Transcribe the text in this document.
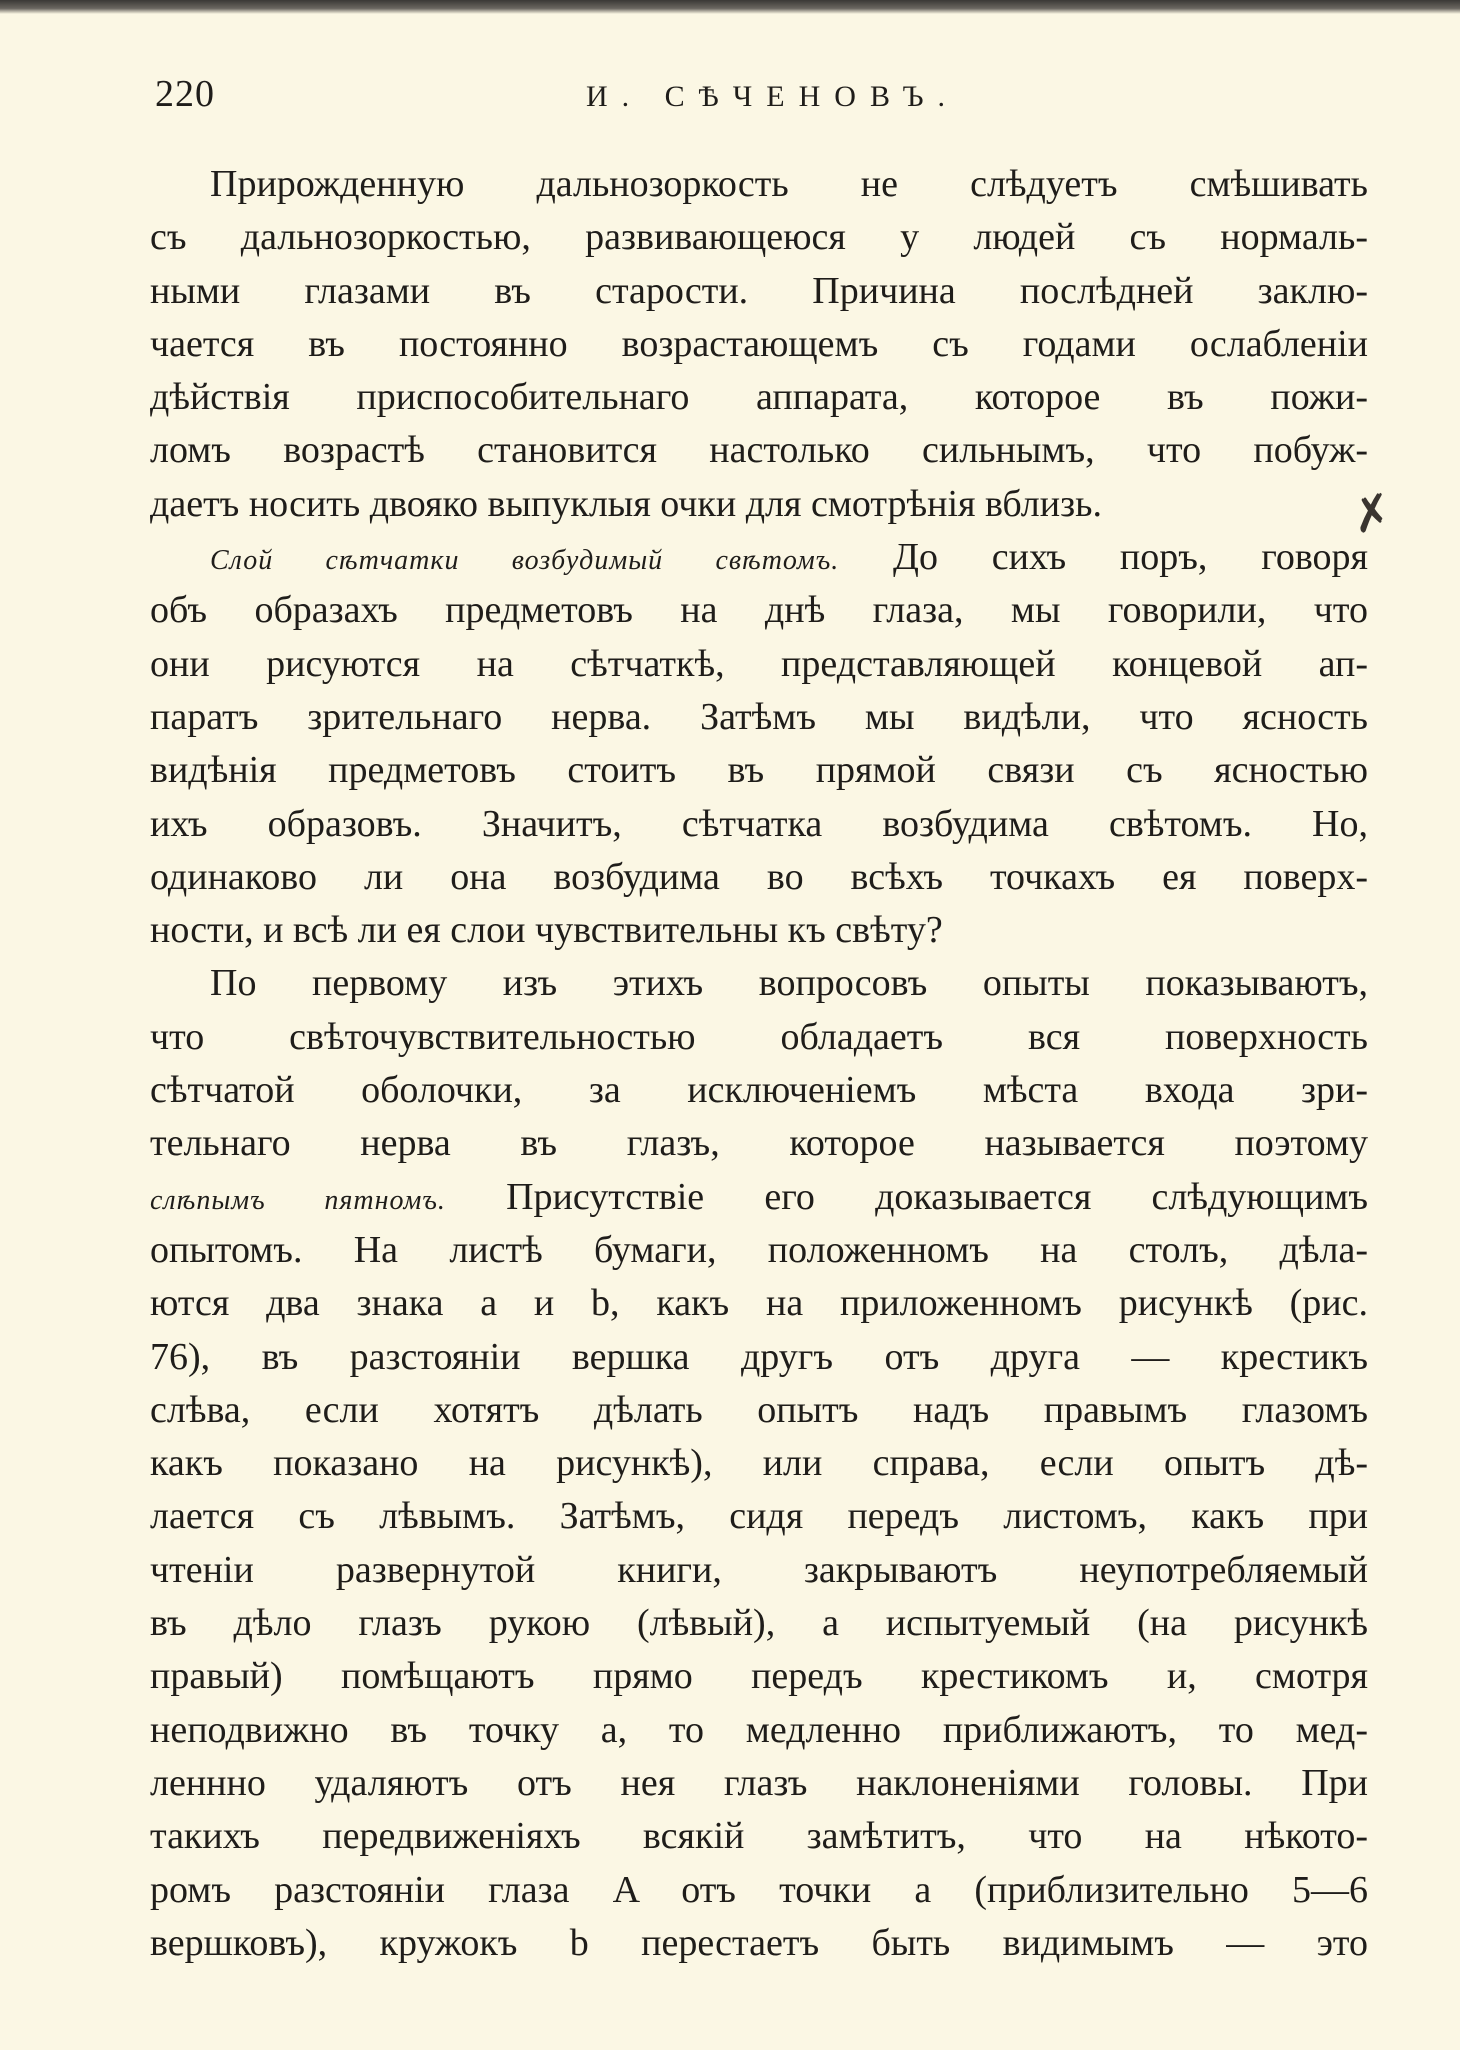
220	И. СѢЧЕНОВЪ.
Прирожденную дальнозоркость не слѣдуетъ смѣшивать
съ дальнозоркостью, развивающеюся у людей съ нормаль-
ными глазами въ старости. Причина послѣдней заклю-
чается въ постоянно возрастающемъ съ годами ослабленіи
дѣйствія приспособительнаго аппарата, которое въ пожи-
ломъ возрастѣ становится настолько сильнымъ, что побуж-
даетъ носить двояко выпуклыя очки для смотрѣнія вблизь.
Слой сѣтчатки возбудимый свѣтомъ. До сихъ поръ, говоря
объ образахъ предметовъ на днѣ глаза, мы говорили, что
они рисуются на сѣтчаткѣ, представляющей концевой ап-
паратъ зрительнаго нерва. Затѣмъ мы видѣли, что ясность
видѣнія предметовъ стоитъ въ прямой связи съ ясностью
ихъ образовъ. Значитъ, сѣтчатка возбудима свѣтомъ. Но,
одинаково ли она возбудима во всѣхъ точкахъ ея поверх-
ности, и всѣ ли ея слои чувствительны къ свѣту?
По первому изъ этихъ вопросовъ опыты показываютъ,
что свѣточувствительностью обладаетъ вся поверхность
сѣтчатой оболочки, за исключеніемъ мѣста входа зри-
тельнаго нерва въ глазъ, которое называется поэтому
слѣпымъ пятномъ. Присутствіе его доказывается слѣдующимъ
опытомъ. На листѣ бумаги, положенномъ на столъ, дѣла-
ются два знака a и b, какъ на приложенномъ рисункѣ (рис.
76), въ разстояніи вершка другъ отъ друга — крестикъ
слѣва, если хотятъ дѣлать опытъ надъ правымъ глазомъ
какъ показано на рисункѣ), или справа, если опытъ дѣ-
лается съ лѣвымъ. Затѣмъ, сидя передъ листомъ, какъ при
чтеніи развернутой книги, закрываютъ неупотребляемый
въ дѣло глазъ рукою (лѣвый), а испытуемый (на рисункѣ
правый) помѣщаютъ прямо передъ крестикомъ и, смотря
неподвижно въ точку a, то медленно приближаютъ, то мед-
леннно удаляютъ отъ нея глазъ наклоненіями головы. При
такихъ передвиженіяхъ всякій замѣтитъ, что на нѣкото-
ромъ разстояніи глаза A отъ точки a (приблизительно 5—6
вершковъ), кружокъ b перестаетъ быть видимымъ — это
✗
